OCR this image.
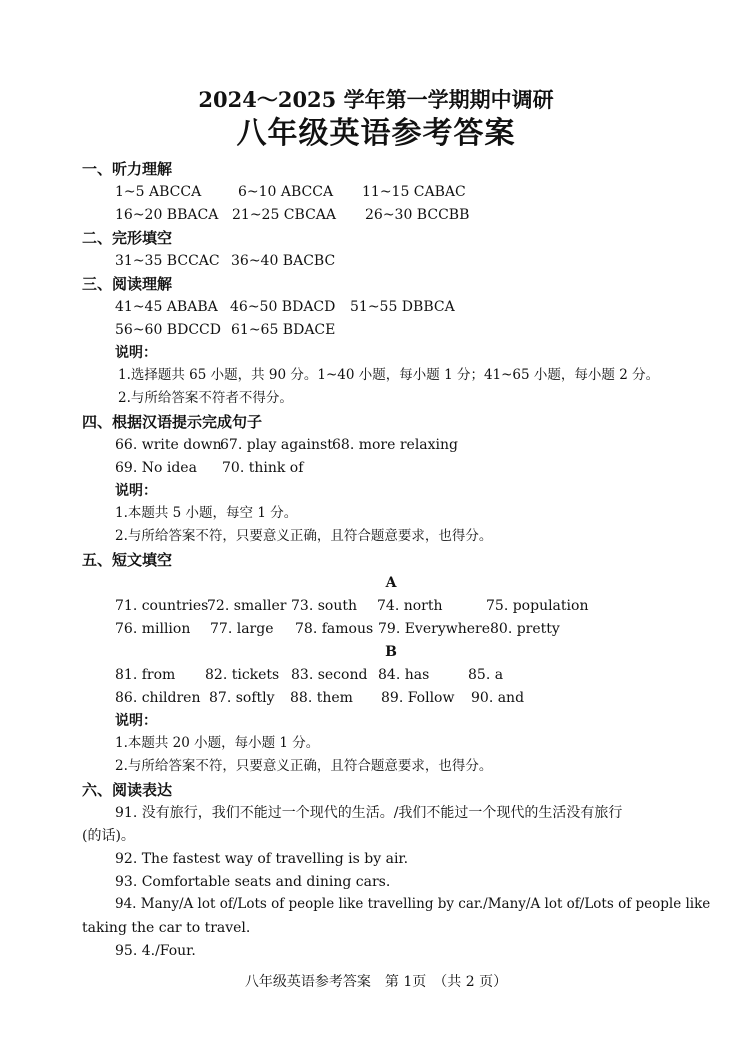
2024～2025 学年第一学期期中调研
八年级英语参考答案
一、听力理解
1~5 ABCCA	6~10 ABCCA 11~15 CABAC
16~20 BBACA 21~25 CBCAA 26~30 BCCBB
二、完形填空
31~35 BCCAC 36~40 BACBC
三、阅读理解
41~45 ABABA 46~50 BDACD 51~55 DBBCA
56~60 BDCCD 61~65 BDACE
说明：
1.选择题共 65 小题，共 90 分。1~40 小题，每小题 1 分；41~65 小题，每小题 2 分。
2.与所给答案不符者不得分。
四、根据汉语提示完成句子
66. write down
67. play against 68. more relaxing
69. No idea 70. think of
说明：
1.本题共 5 小题，每空 1 分。
2.与所给答案不符，只要意义正确，且符合题意要求，也得分。
五、短文填空
A
71. countries
72. smaller 73. south 74. north	75. population
76. million 77. large 78. famous 79. Everywhere 80. pretty
B
81. from 82. tickets 83. second 84. has	85. a
86. children 87. softly 88. them 89. Follow 90. and
说明：
1.本题共 20 小题，每小题 1 分。
2.与所给答案不符，只要意义正确，且符合题意要求，也得分。
六、阅读表达
91. 没有旅行，我们不能过一个现代的生活。/我们不能过一个现代的生活没有旅行
(的话)。
92. The fastest way of travelling is by air.
93. Comfortable seats and dining cars.
94. Many/A lot of/Lots of people like travelling by car./Many/A lot of/Lots of people like
taking the car to travel.
95. 4./Four.
八年级英语参考答案　第 1页　（共 2 页）
